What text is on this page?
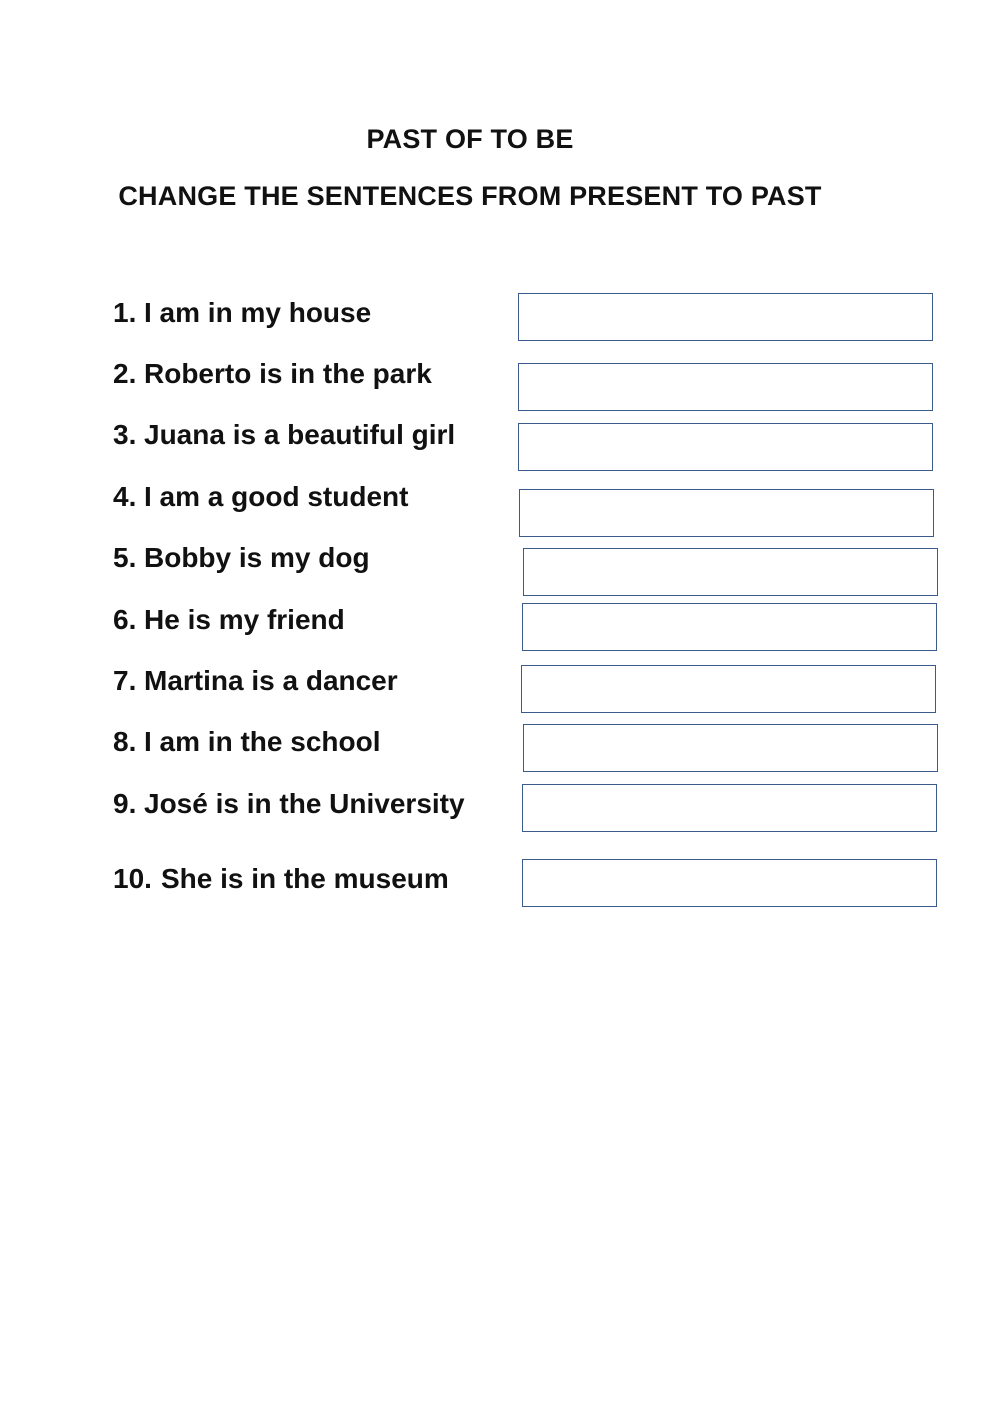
PAST OF TO BE
CHANGE THE SENTENCES FROM PRESENT TO PAST
1. I am in my house
2. Roberto is in the park
3. Juana is a beautiful girl
4. I am a good student
5. Bobby is my dog
6. He is my friend
7. Martina is a dancer
8. I am in the school
9. José is in the University
10. She is in the museum
